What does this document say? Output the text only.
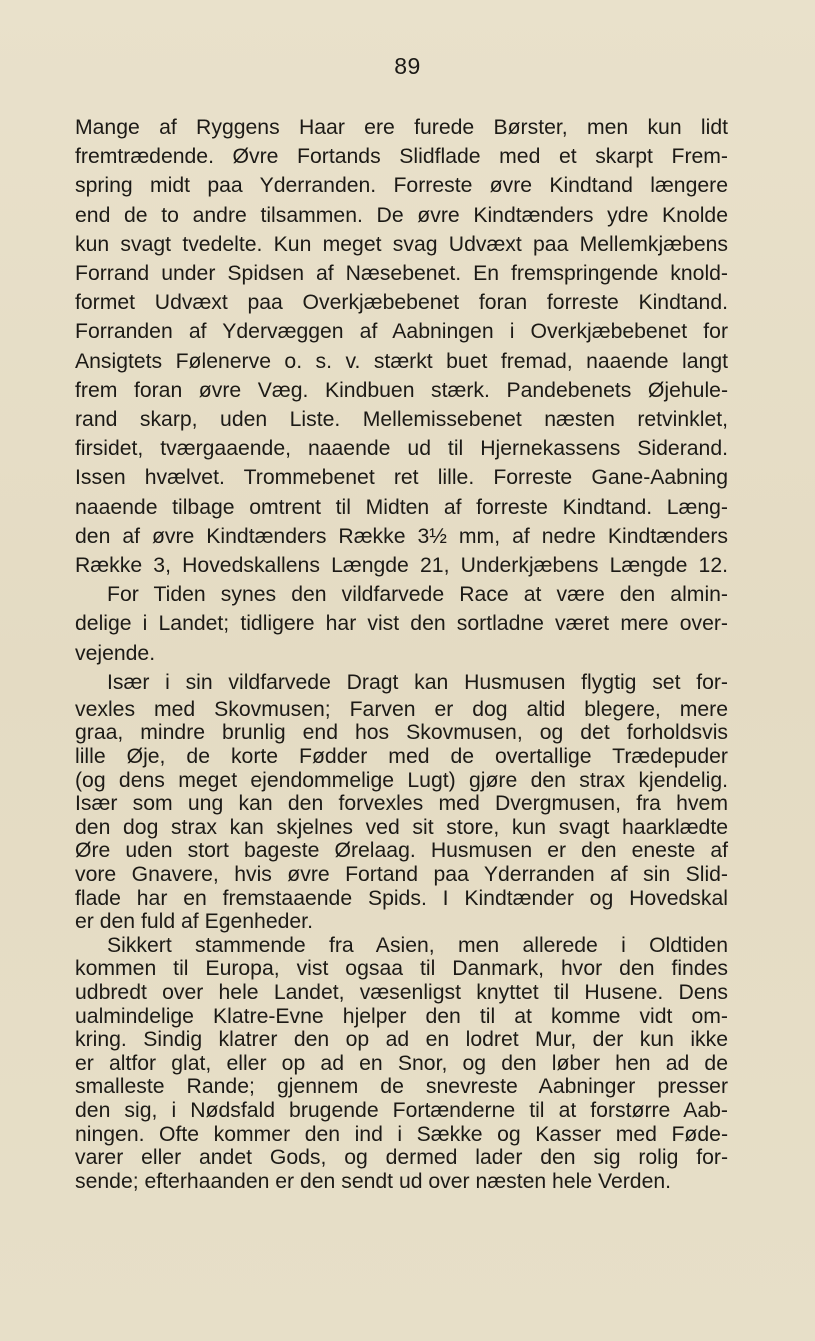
89

Mange af Ryggens Haar ere furede Børster, men kun lidt
fremtrædende. Øvre Fortands Slidflade med et skarpt Frem-
spring midt paa Yderranden. Forreste øvre Kindtand længere
end de to andre tilsammen. De øvre Kindtænders ydre Knolde
kun svagt tvedelte. Kun meget svag Udvæxt paa Mellemkjæbens
Forrand under Spidsen af Næsebenet. En fremspringende knold-
formet Udvæxt paa Overkjæbebenet foran forreste Kindtand.
Forranden af Ydervæggen af Aabningen i Overkjæbebenet for
Ansigtets Følenerve o. s. v. stærkt buet fremad, naaende langt
frem foran øvre Væg. Kindbuen stærk. Pandebenets Øjehule-
rand skarp, uden Liste. Mellemissebenet næsten retvinklet,
firsidet, tværgaaende, naaende ud til Hjernekassens Siderand.
Issen hvælvet. Trommebenet ret lille. Forreste Gane-Aabning
naaende tilbage omtrent til Midten af forreste Kindtand. Læng-
den af øvre Kindtænders Række 3½ mm, af nedre Kindtænders
Række 3, Hovedskallens Længde 21, Underkjæbens Længde 12.

For Tiden synes den vildfarvede Race at være den almin-
delige i Landet; tidligere har vist den sortladne været mere over-
vejende.

Især i sin vildfarvede Dragt kan Husmusen flygtig set for-
vexles med Skovmusen; Farven er dog altid blegere, mere
graa, mindre brunlig end hos Skovmusen, og det forholdsvis
lille Øje, de korte Fødder med de overtallige Trædepuder
(og dens meget ejendommelige Lugt) gjøre den strax kjendelig.
Især som ung kan den forvexles med Dvergmusen, fra hvem
den dog strax kan skjelnes ved sit store, kun svagt haarklædte
Øre uden stort bageste Ørelaag. Husmusen er den eneste af
vore Gnavere, hvis øvre Fortand paa Yderranden af sin Slid-
flade har en fremstaaende Spids. I Kindtænder og Hovedskal
er den fuld af Egenheder.

Sikkert stammende fra Asien, men allerede i Oldtiden
kommen til Europa, vist ogsaa til Danmark, hvor den findes
udbredt over hele Landet, væsenligst knyttet til Husene. Dens
ualmindelige Klatre-Evne hjelper den til at komme vidt om-
kring. Sindig klatrer den op ad en lodret Mur, der kun ikke
er altfor glat, eller op ad en Snor, og den løber hen ad de
smalleste Rande; gjennem de snevreste Aabninger presser
den sig, i Nødsfald brugende Fortænderne til at forstørre Aab-
ningen. Ofte kommer den ind i Sække og Kasser med Føde-
varer eller andet Gods, og dermed lader den sig rolig for-
sende; efterhaanden er den sendt ud over næsten hele Verden.
